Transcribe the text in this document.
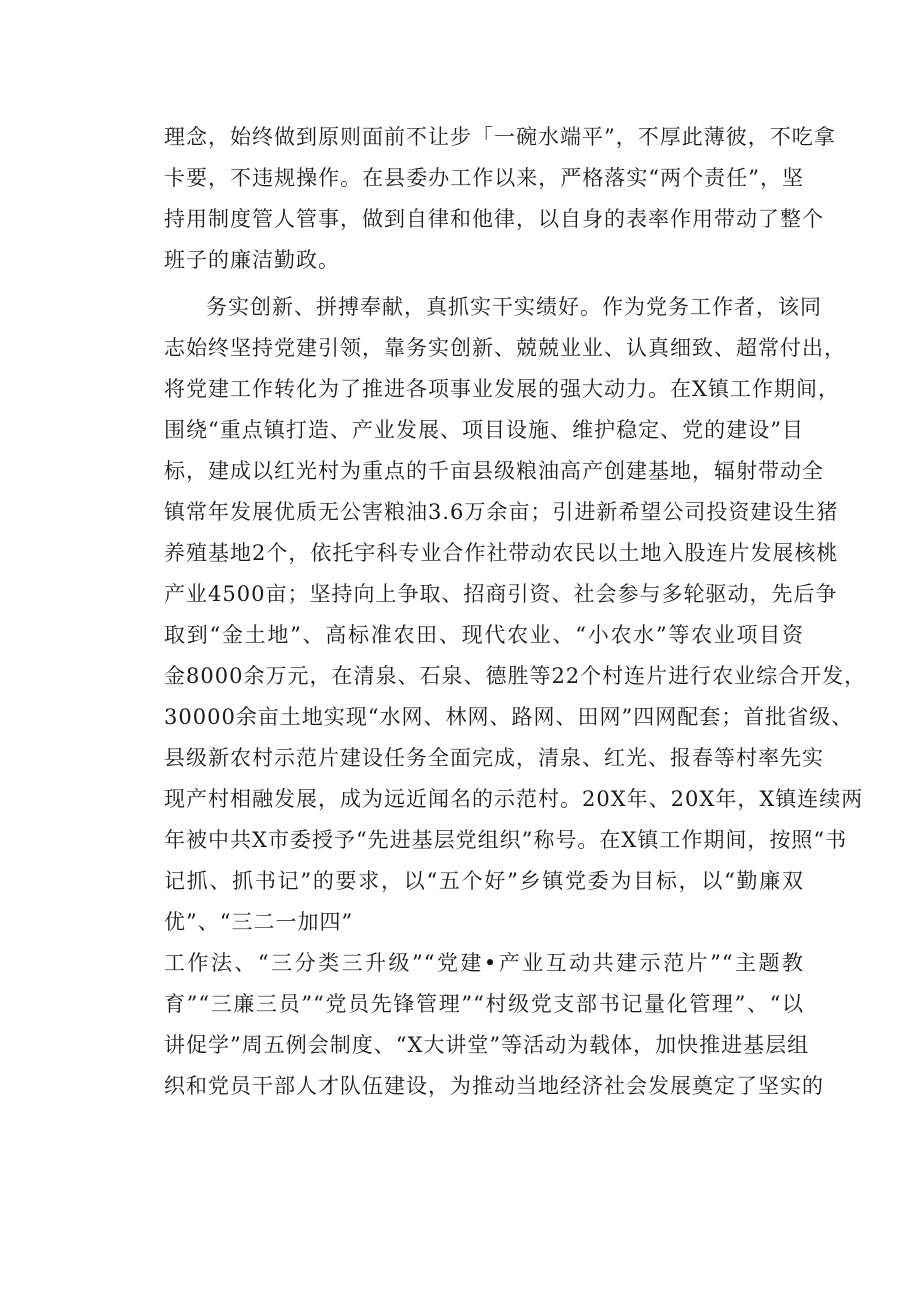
理念，始终做到原则面前不让步「一碗水端平”，不厚此薄彼，不吃拿
卡要，不违规操作。在县委办工作以来，严格落实“两个责任”，坚
持用制度管人管事，做到自律和他律，以自身的表率作用带动了整个
班子的廉洁勤政。
务实创新、拼搏奉献，真抓实干实绩好。作为党务工作者，该同
志始终坚持党建引领，靠务实创新、兢兢业业、认真细致、超常付出，
将党建工作转化为了推进各项事业发展的强大动力。在X镇工作期间，
围绕“重点镇打造、产业发展、项目设施、维护稳定、党的建设”目
标，建成以红光村为重点的千亩县级粮油高产创建基地，辐射带动全
镇常年发展优质无公害粮油3.6万余亩；引进新希望公司投资建设生猪
养殖基地2个，依托宇科专业合作社带动农民以土地入股连片发展核桃
产业4500亩；坚持向上争取、招商引资、社会参与多轮驱动，先后争
取到“金土地”、高标准农田、现代农业、“小农水”等农业项目资
金8000余万元，在清泉、石泉、德胜等22个村连片进行农业综合开发，
30000余亩土地实现“水网、林网、路网、田网”四网配套；首批省级、
县级新农村示范片建设任务全面完成，清泉、红光、报春等村率先实
现产村相融发展，成为远近闻名的示范村。20X年、20X年，X镇连续两
年被中共X市委授予“先进基层党组织”称号。在X镇工作期间，按照“书
记抓、抓书记”的要求，以“五个好”乡镇党委为目标，以“勤廉双
优”、“三二一加四”
工作法、“三分类三升级”“党建•产业互动共建示范片”“主题教
育”“三廉三员”“党员先锋管理”“村级党支部书记量化管理”、“以
讲促学”周五例会制度、“X大讲堂”等活动为载体，加快推进基层组
织和党员干部人才队伍建设，为推动当地经济社会发展奠定了坚实的
